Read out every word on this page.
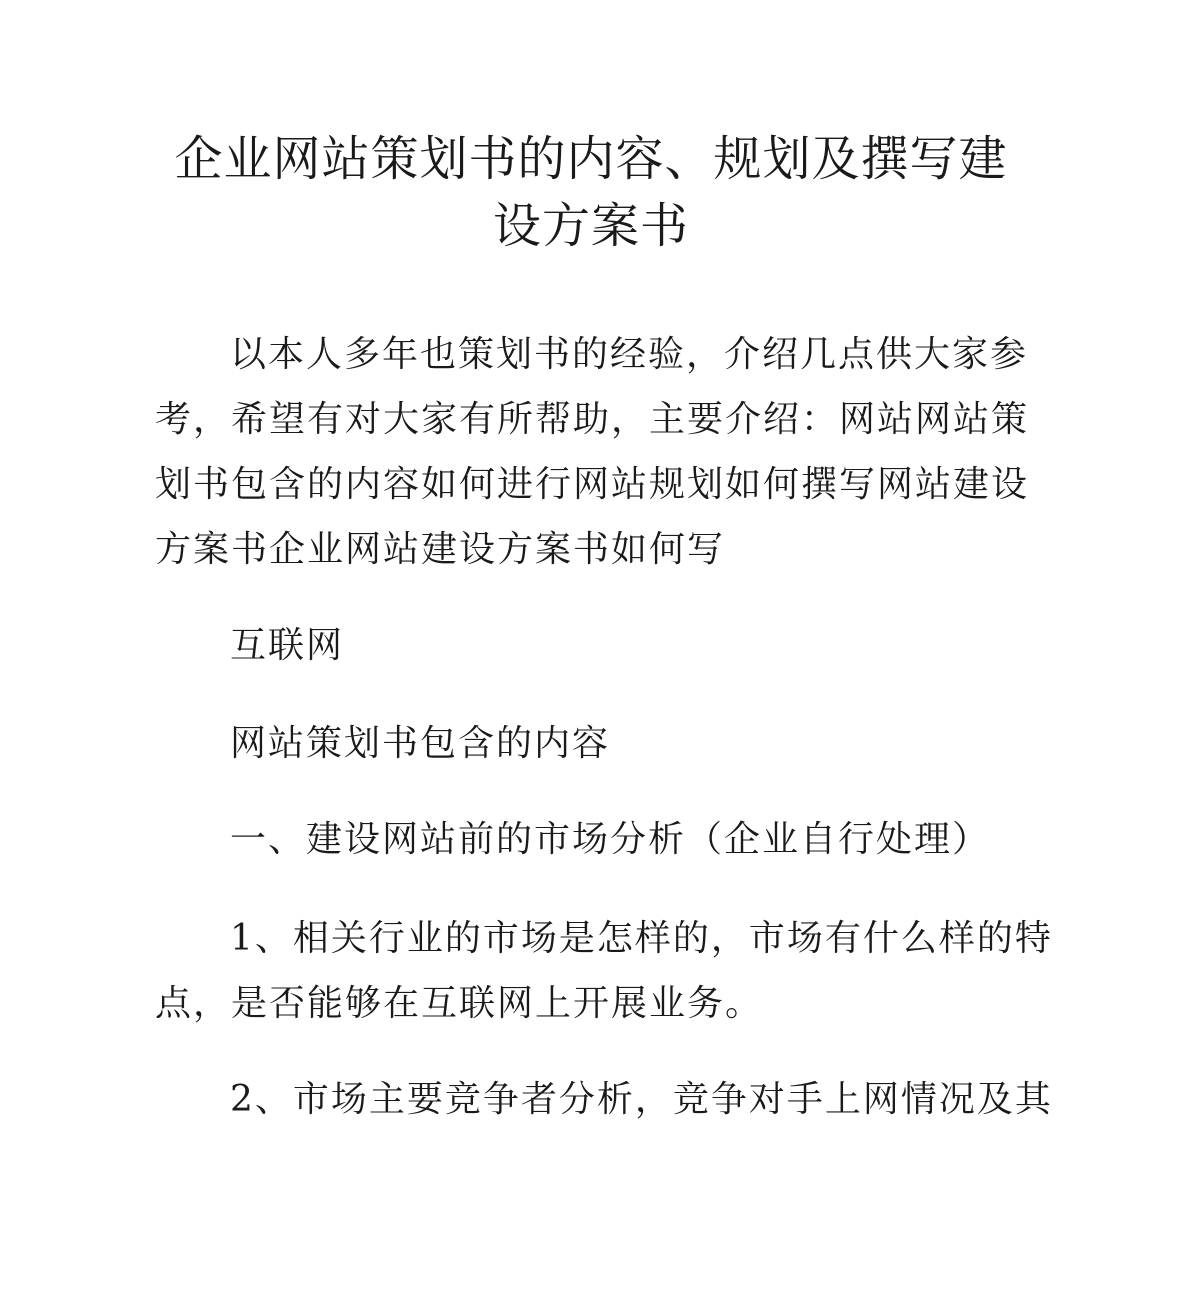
企业网站策划书的内容、规划及撰写建
设方案书
以本人多年也策划书的经验，介绍几点供大家参
考，希望有对大家有所帮助，主要介绍：网站网站策
划书包含的内容如何进行网站规划如何撰写网站建设
方案书企业网站建设方案书如何写
互联网
网站策划书包含的内容
一、建设网站前的市场分析（企业自行处理）
1、相关行业的市场是怎样的，市场有什么样的特
点，是否能够在互联网上开展业务。
2、市场主要竞争者分析，竞争对手上网情况及其
